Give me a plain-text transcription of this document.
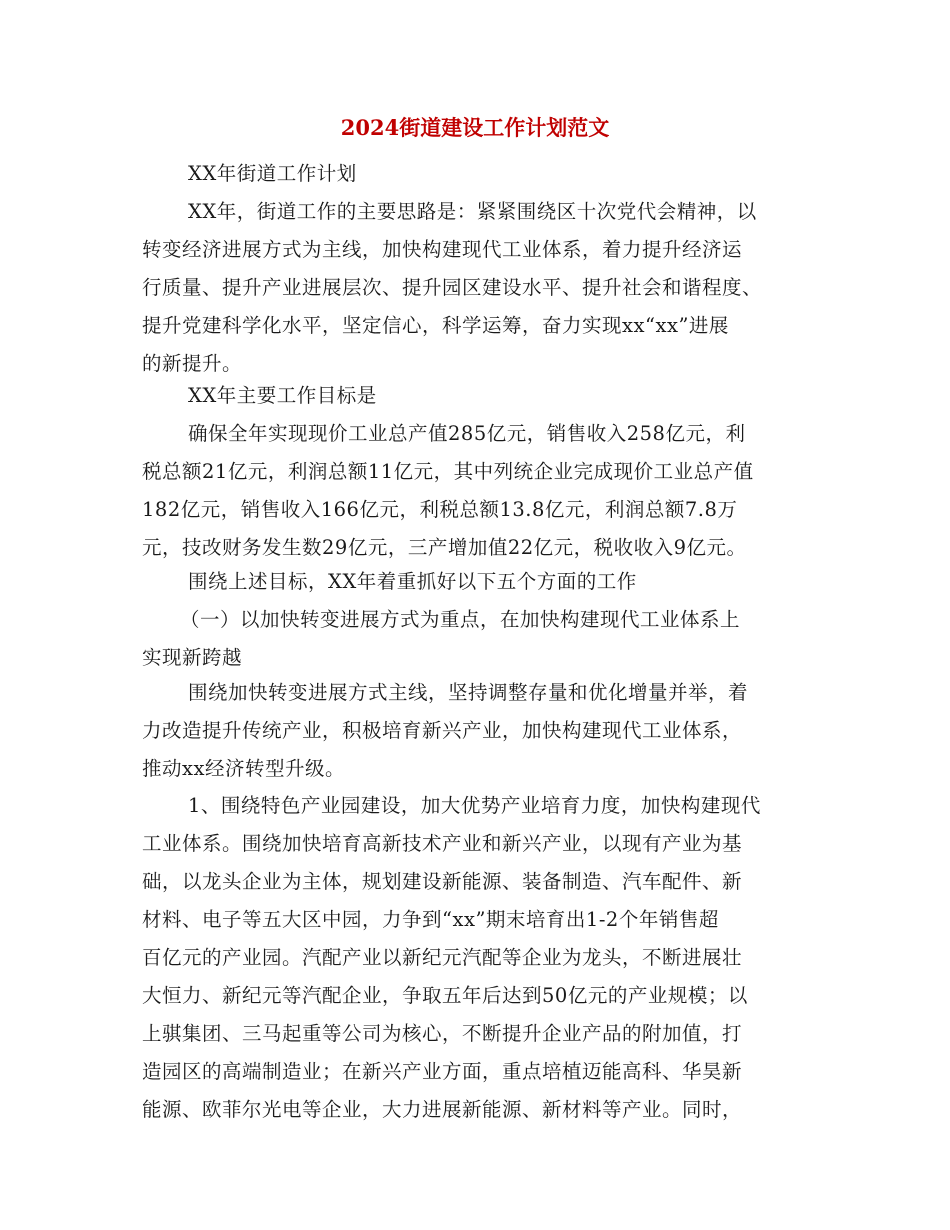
2024街道建设工作计划范文
XX年街道工作计划
XX年，街道工作的主要思路是：紧紧围绕区十次党代会精神，以
转变经济进展方式为主线，加快构建现代工业体系，着力提升经济运
行质量、提升产业进展层次、提升园区建设水平、提升社会和谐程度、
提升党建科学化水平，坚定信心，科学运筹，奋力实现xx“xx”进展
的新提升。
XX年主要工作目标是
确保全年实现现价工业总产值285亿元，销售收入258亿元，利
税总额21亿元，利润总额11亿元，其中列统企业完成现价工业总产值
182亿元，销售收入166亿元，利税总额13.8亿元，利润总额7.8万
元，技改财务发生数29亿元，三产增加值22亿元，税收收入9亿元。
围绕上述目标，XX年着重抓好以下五个方面的工作
（一）以加快转变进展方式为重点，在加快构建现代工业体系上
实现新跨越
围绕加快转变进展方式主线，坚持调整存量和优化增量并举，着
力改造提升传统产业，积极培育新兴产业，加快构建现代工业体系，
推动xx经济转型升级。
1、围绕特色产业园建设，加大优势产业培育力度，加快构建现代
工业体系。围绕加快培育高新技术产业和新兴产业，以现有产业为基
础，以龙头企业为主体，规划建设新能源、装备制造、汽车配件、新
材料、电子等五大区中园，力争到“xx”期末培育出1-2个年销售超
百亿元的产业园。汽配产业以新纪元汽配等企业为龙头，不断进展壮
大恒力、新纪元等汽配企业，争取五年后达到50亿元的产业规模；以
上骐集团、三马起重等公司为核心，不断提升企业产品的附加值，打
造园区的高端制造业；在新兴产业方面，重点培植迈能高科、华昊新
能源、欧菲尔光电等企业，大力进展新能源、新材料等产业。同时，
